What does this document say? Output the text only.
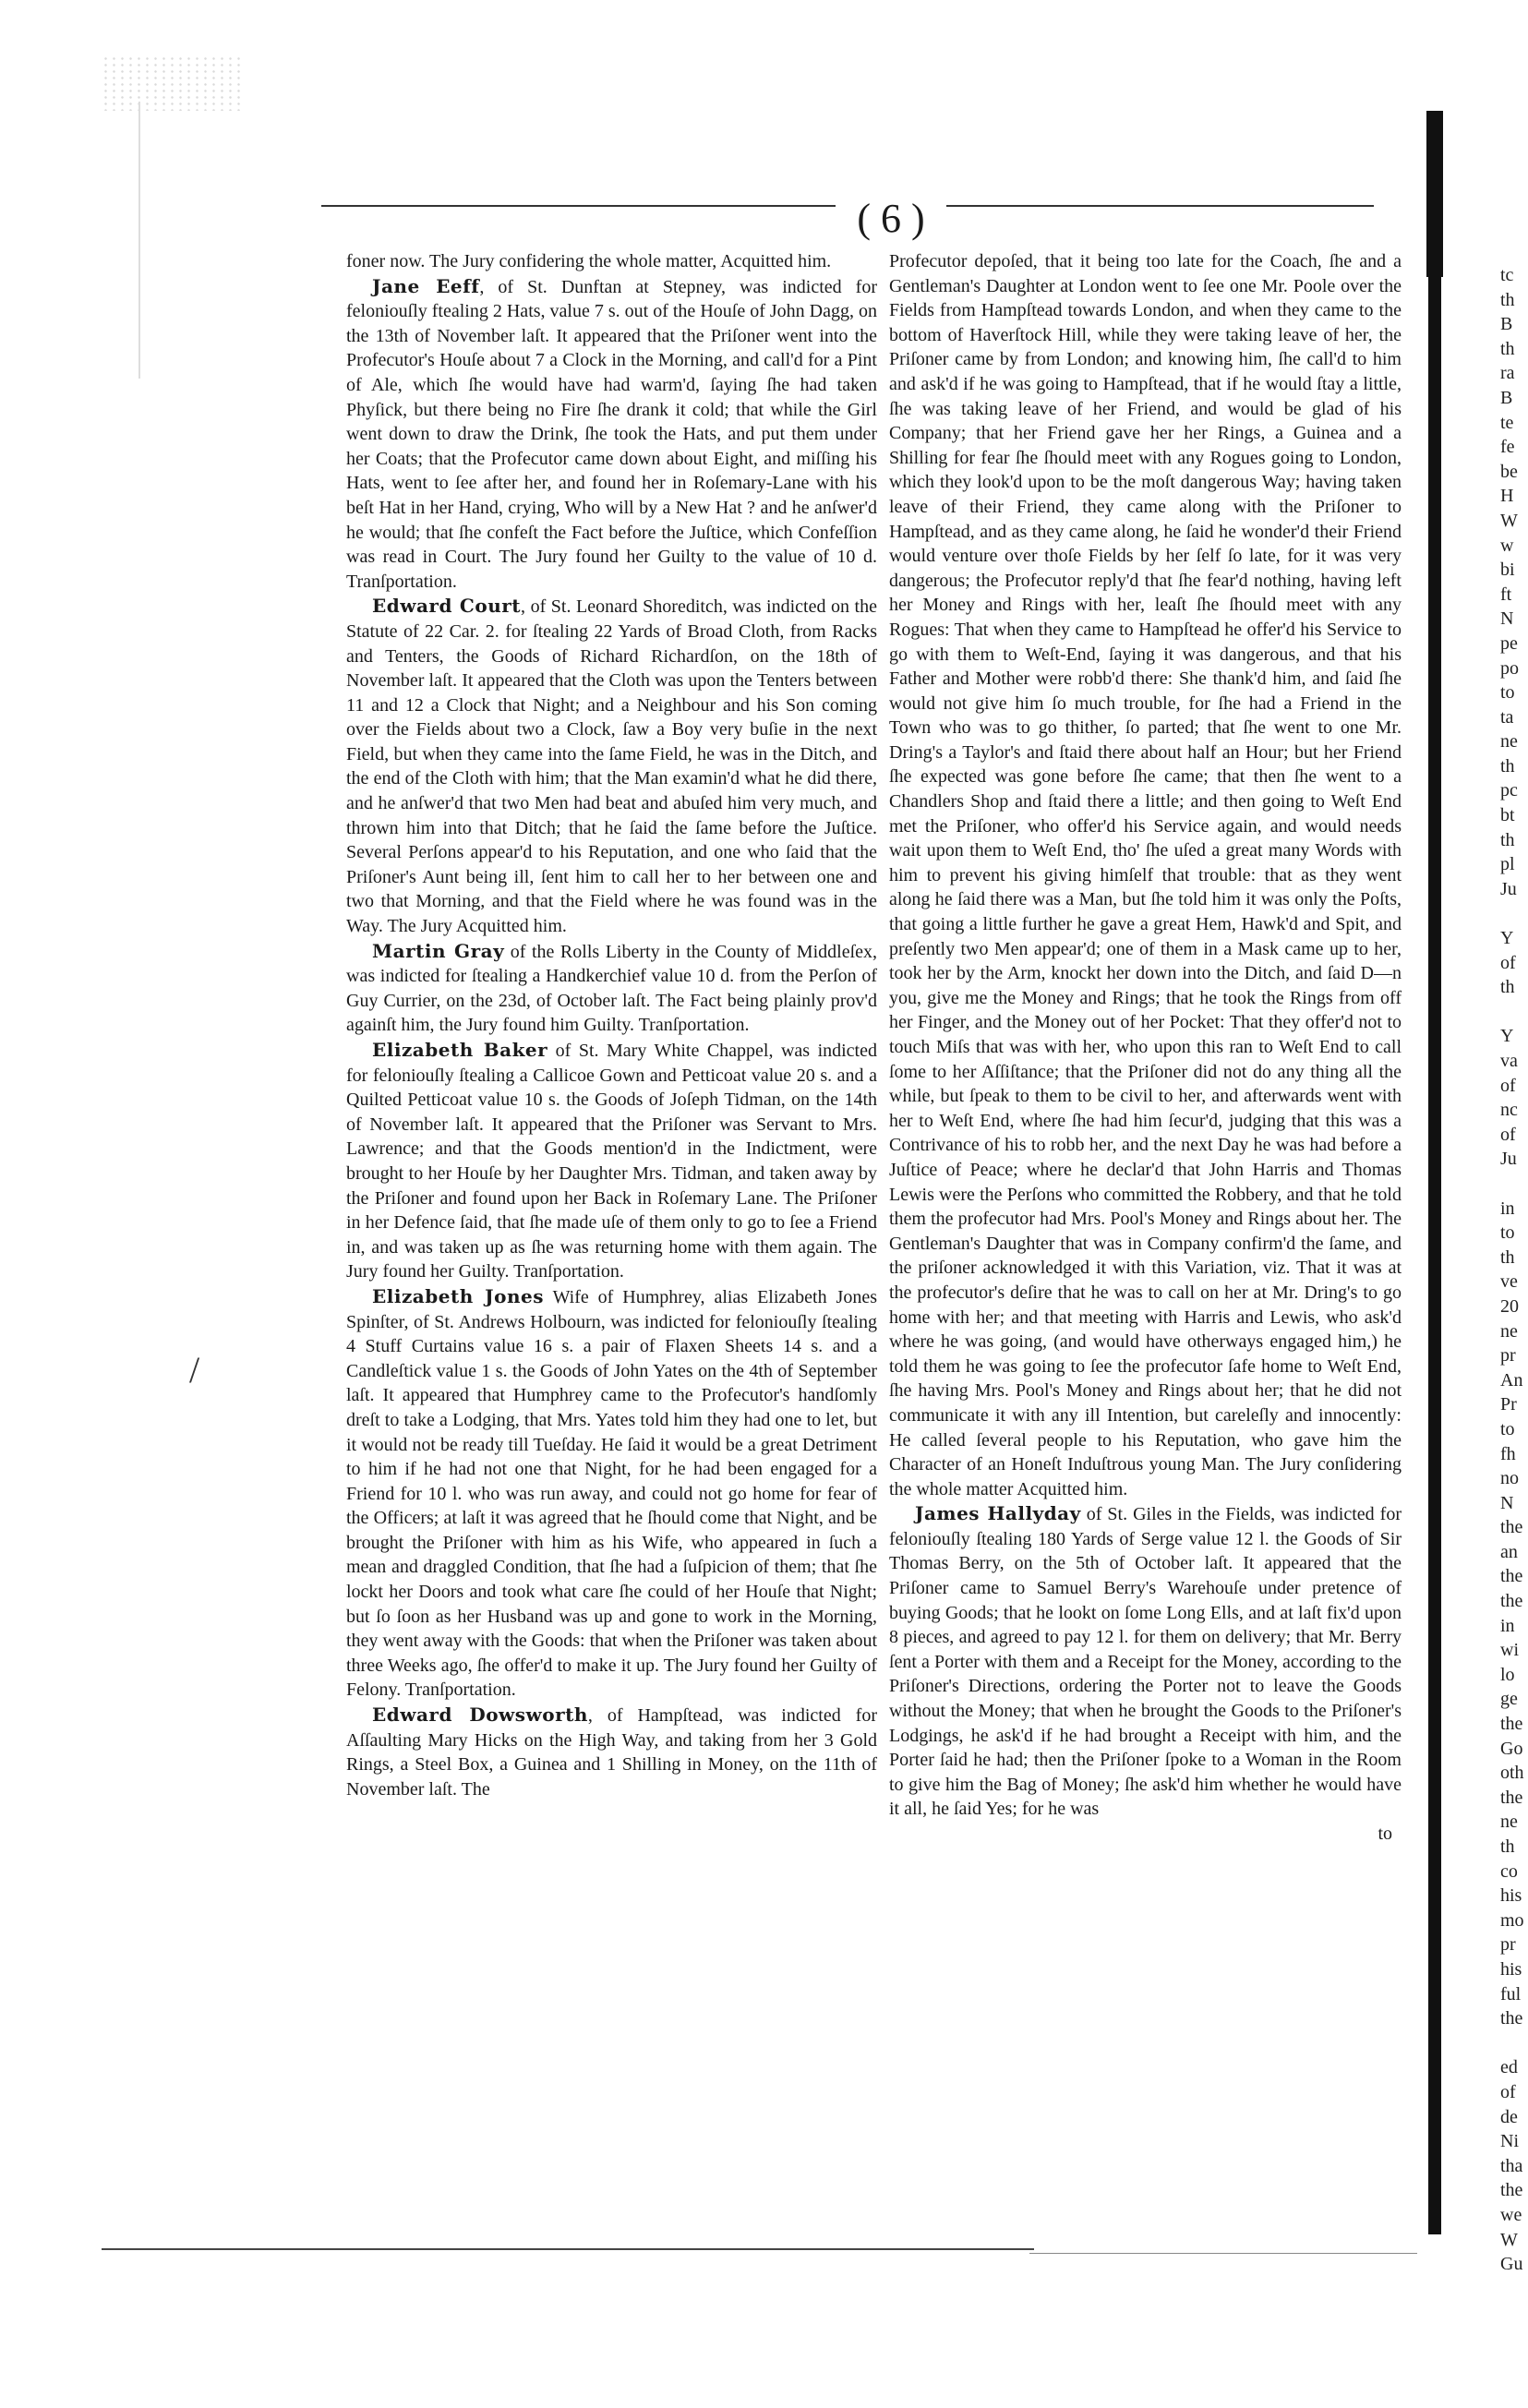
( 6 )

foner now. The Jury confidering the whole matter, Acquitted him.

Jane Eeff, of St. Dunftan at Stepney, was indicted for feloniouſly ftealing 2 Hats, value 7 s. out of the Houſe of John Dagg, on the 13th of November laſt. It appeared that the Priſoner went into the Profecutor's Houſe about 7 a Clock in the Morning, and call'd for a Pint of Ale, which ſhe would have had warm'd, ſaying ſhe had taken Phyſick, but there being no Fire ſhe drank it cold; that while the Girl went down to draw the Drink, ſhe took the Hats, and put them under her Coats; that the Profecutor came down about Eight, and miſſing his Hats, went to ſee after her, and found her in Roſemary-Lane with his beſt Hat in her Hand, crying, Who will by a New Hat ? and he anſwer'd he would; that ſhe confeſt the Fact before the Juſtice, which Confeſſion was read in Court. The Jury found her Guilty to the value of 10 d. Tranſportation.

Edward Court, of St. Leonard Shoreditch, was indicted on the Statute of 22 Car. 2. for ſtealing 22 Yards of Broad Cloth, from Racks and Tenters, the Goods of Richard Richardſon, on the 18th of November laſt. It appeared that the Cloth was upon the Tenters between 11 and 12 a Clock that Night; and a Neighbour and his Son coming over the Fields about two a Clock, ſaw a Boy very buſie in the next Field, but when they came into the ſame Field, he was in the Ditch, and the end of the Cloth with him; that the Man examin'd what he did there, and he anſwer'd that two Men had beat and abuſed him very much, and thrown him into that Ditch; that he ſaid the ſame before the Juſtice. Several Perſons appear'd to his Reputation, and one who ſaid that the Priſoner's Aunt being ill, ſent him to call her to her between one and two that Morning, and that the Field where he was found was in the Way. The Jury Acquitted him.

Martin Gray of the Rolls Liberty in the County of Middleſex, was indicted for ſtealing a Handkerchief value 10 d. from the Perſon of Guy Currier, on the 23d, of October laſt. The Fact being plainly prov'd againſt him, the Jury found him Guilty. Tranſportation.

Elizabeth Baker of St. Mary White Chappel, was indicted for feloniouſly ſtealing a Callicoe Gown and Petticoat value 20 s. and a Quilted Petticoat value 10 s. the Goods of Joſeph Tidman, on the 14th of November laſt. It appeared that the Priſoner was Servant to Mrs. Lawrence; and that the Goods mention'd in the Indictment, were brought to her Houſe by her Daughter Mrs. Tidman, and taken away by the Priſoner and found upon her Back in Roſemary Lane. The Priſoner in her Defence ſaid, that ſhe made uſe of them only to go to ſee a Friend in, and was taken up as ſhe was returning home with them again. The Jury found her Guilty. Tranſportation.

Elizabeth Jones Wife of Humphrey, alias Elizabeth Jones Spinſter, of St. Andrews Holbourn, was indicted for feloniouſly ſtealing 4 Stuff Curtains value 16 s. a pair of Flaxen Sheets 14 s. and a Candleſtick value 1 s. the Goods of John Yates on the 4th of September laſt. It appeared that Humphrey came to the Profecutor's handſomly dreſt to take a Lodging, that Mrs. Yates told him they had one to let, but it would not be ready till Tueſday. He ſaid it would be a great Detriment to him if he had not one that Night, for he had been engaged for a Friend for 10 l. who was run away, and could not go home for fear of the Officers; at laſt it was agreed that he ſhould come that Night, and be brought the Priſoner with him as his Wife, who appeared in ſuch a mean and draggled Condition, that ſhe had a ſuſpicion of them; that ſhe lockt her Doors and took what care ſhe could of her Houſe that Night; but ſo ſoon as her Husband was up and gone to work in the Morning, they went away with the Goods: that when the Priſoner was taken about three Weeks ago, ſhe offer'd to make it up. The Jury found her Guilty of Felony. Tranſportation.

Edward Dowsworth, of Hampſtead, was indicted for Aſſaulting Mary Hicks on the High Way, and taking from her 3 Gold Rings, a Steel Box, a Guinea and 1 Shilling in Money, on the 11th of November laſt. The

Profecutor depoſed, that it being too late for the Coach, ſhe and a Gentleman's Daughter at London went to ſee one Mr. Poole over the Fields from Hampſtead towards London, and when they came to the bottom of Haverſtock Hill, while they were taking leave of her, the Priſoner came by from London; and knowing him, ſhe call'd to him and ask'd if he was going to Hampſtead, that if he would ſtay a little, ſhe was taking leave of her Friend, and would be glad of his Company; that her Friend gave her her Rings, a Guinea and a Shilling for fear ſhe ſhould meet with any Rogues going to London, which they look'd upon to be the moſt dangerous Way; having taken leave of their Friend, they came along with the Priſoner to Hampſtead, and as they came along, he ſaid he wonder'd their Friend would venture over thoſe Fields by her ſelf ſo late, for it was very dangerous; the Profecutor reply'd that ſhe fear'd nothing, having left her Money and Rings with her, leaſt ſhe ſhould meet with any Rogues: That when they came to Hampſtead he offer'd his Service to go with them to Weſt-End, ſaying it was dangerous, and that his Father and Mother were robb'd there: She thank'd him, and ſaid ſhe would not give him ſo much trouble, for ſhe had a Friend in the Town who was to go thither, ſo parted; that ſhe went to one Mr. Dring's a Taylor's and ſtaid there about half an Hour; but her Friend ſhe expected was gone before ſhe came; that then ſhe went to a Chandlers Shop and ſtaid there a little; and then going to Weſt End met the Priſoner, who offer'd his Service again, and would needs wait upon them to Weſt End, tho' ſhe uſed a great many Words with him to prevent his giving himſelf that trouble: that as they went along he ſaid there was a Man, but ſhe told him it was only the Poſts, that going a little further he gave a great Hem, Hawk'd and Spit, and preſently two Men appear'd; one of them in a Mask came up to her, took her by the Arm, knockt her down into the Ditch, and ſaid D—n you, give me the Money and Rings; that he took the Rings from off her Finger, and the Money out of her Pocket: That they offer'd not to touch Miſs that was with her, who upon this ran to Weſt End to call ſome to her Aſſiſtance; that the Priſoner did not do any thing all the while, but ſpeak to them to be civil to her, and afterwards went with her to Weſt End, where ſhe had him ſecur'd, judging that this was a Contrivance of his to robb her, and the next Day he was had before a Juſtice of Peace; where he declar'd that John Harris and Thomas Lewis were the Perſons who committed the Robbery, and that he told them the profecutor had Mrs. Pool's Money and Rings about her. The Gentleman's Daughter that was in Company confirm'd the ſame, and the priſoner acknowledged it with this Variation, viz. That it was at the profecutor's deſire that he was to call on her at Mr. Dring's to go home with her; and that meeting with Harris and Lewis, who ask'd where he was going, (and would have otherways engaged him,) he told them he was going to ſee the profecutor ſafe home to Weſt End, ſhe having Mrs. Pool's Money and Rings about her; that he did not communicate it with any ill Intention, but careleſly and innocently: He called ſeveral people to his Reputation, who gave him the Character of an Honeſt Induſtrous young Man. The Jury conſidering the whole matter Acquitted him.

James Hallyday of St. Giles in the Fields, was indicted for feloniouſly ſtealing 180 Yards of Serge value 12 l. the Goods of Sir Thomas Berry, on the 5th of October laſt. It appeared that the Priſoner came to Samuel Berry's Warehouſe under pretence of buying Goods; that he lookt on ſome Long Ells, and at laſt fix'd upon 8 pieces, and agreed to pay 12 l. for them on delivery; that Mr. Berry ſent a Porter with them and a Receipt for the Money, according to the Priſoner's Directions, ordering the Porter not to leave the Goods without the Money; that when he brought the Goods to the Priſoner's Lodgings, he ask'd if he had brought a Receipt with him, and the Porter ſaid he had; then the Priſoner ſpoke to a Woman in the Room to give him the Bag of Money; ſhe ask'd him whether he would have it all, he ſaid Yes; for he was

to

tc
th
B
th
ra
B
te
fe
be
H
W
w
bi
ft
N
pe
po
to
ta
ne
th
pc
bt
th
pl
Ju
Y
of
th
Y
va
of
nc
of
Ju
in
to
th
ve
20
ne
pr
An
Pr
to
fh
no
N
the
an
the
the
in
wi
lo
ge
the
Go
oth
the
ne
th
co
his
mo
pr
his
ful
the
ed
of
de
Ni
tha
the
we
W
Gu
/
